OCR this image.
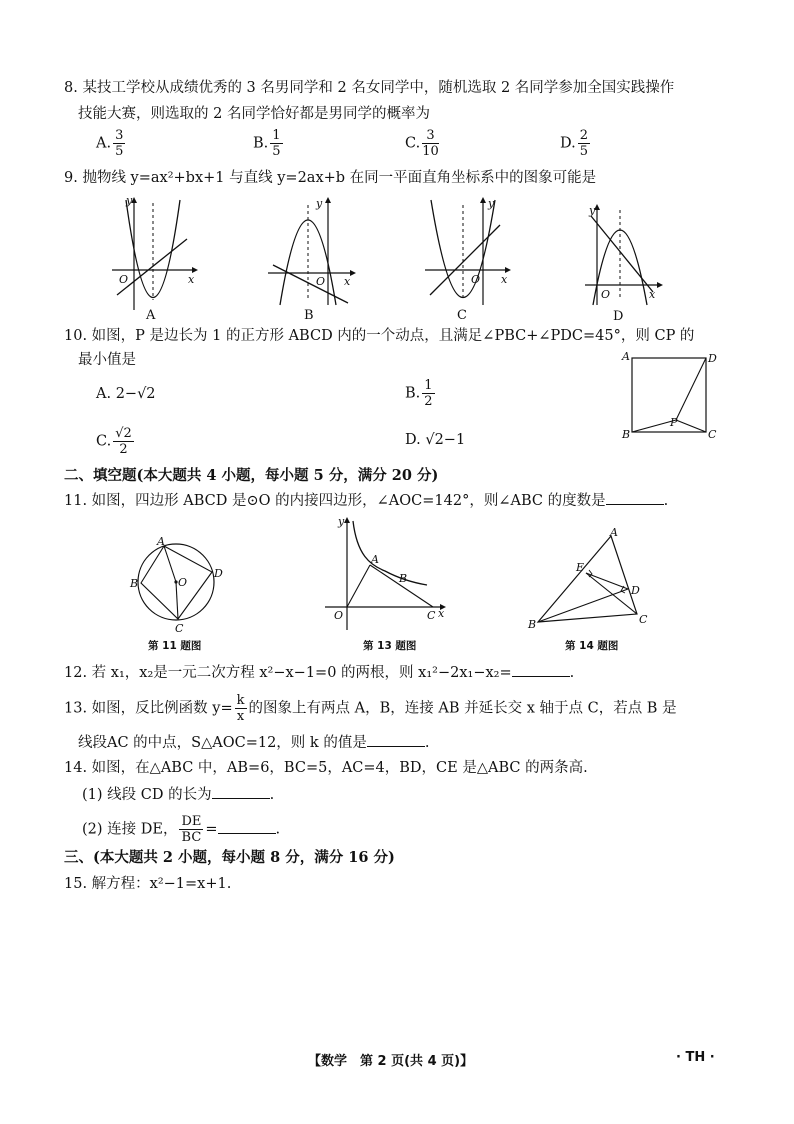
8. 某技工学校从成绩优秀的 3 名男同学和 2 名女同学中，随机选取 2 名同学参加全国实践操作
技能大赛，则选取的 2 名同学恰好都是男同学的概率为
A. $\frac{3}{5}$	B. $\frac{1}{5}$	C. $\frac{3}{10}$	D. $\frac{2}{5}$
9. 抛物线 y=ax²+bx+1 与直线 y=2ax+b 在同一平面直角坐标系中的图象可能是
y
O	x
A
y
O x
B
y
O x
C
y
O	x
D
10. 如图，P 是边长为 1 的正方形 ABCD 内的一个动点，且满足∠PBC+∠PDC=45°，则 CP 的
最小值是
A. 2−√2	B. $\frac{1}{2}$
C. $\frac{√2}{2}$	D. √2−1
A	D
B	C
P
二、填空题(本大题共 4 小题，每小题 5 分，满分 20 分)
11. 如图，四边形 ABCD 是⊙O 的内接四边形，∠AOC=142°，则∠ABC 的度数是	.
A
B	O
D
C
第 11 题图
y
A
B
O	C x
第 13 题图
A
E
D
B	C
第 14 题图
12. 若 x₁，x₂是一元二次方程 x²−x−1=0 的两根，则 x₁²−2x₁−x₂=	.
13. 如图，反比例函数 $y= \frac{k}{x}$ 的图象上有两点 A，B，连接 AB 并延长交 x 轴于点 C，若点 B 是
线段AC 的中点，S△AOC=12，则 k 的值是	.
14. 如图，在△ABC 中，AB=6，BC=5，AC=4，BD，CE 是△ABC 的两条高.
(1) 线段 CD 的长为	.
(2) 连接 DE， $\frac{DE}{BC}$ =	.
三、(本大题共 2 小题，每小题 8 分，满分 16 分)
15. 解方程：x²−1=x+1.
【数学　第 2 页(共 4 页)】	· TH ·
